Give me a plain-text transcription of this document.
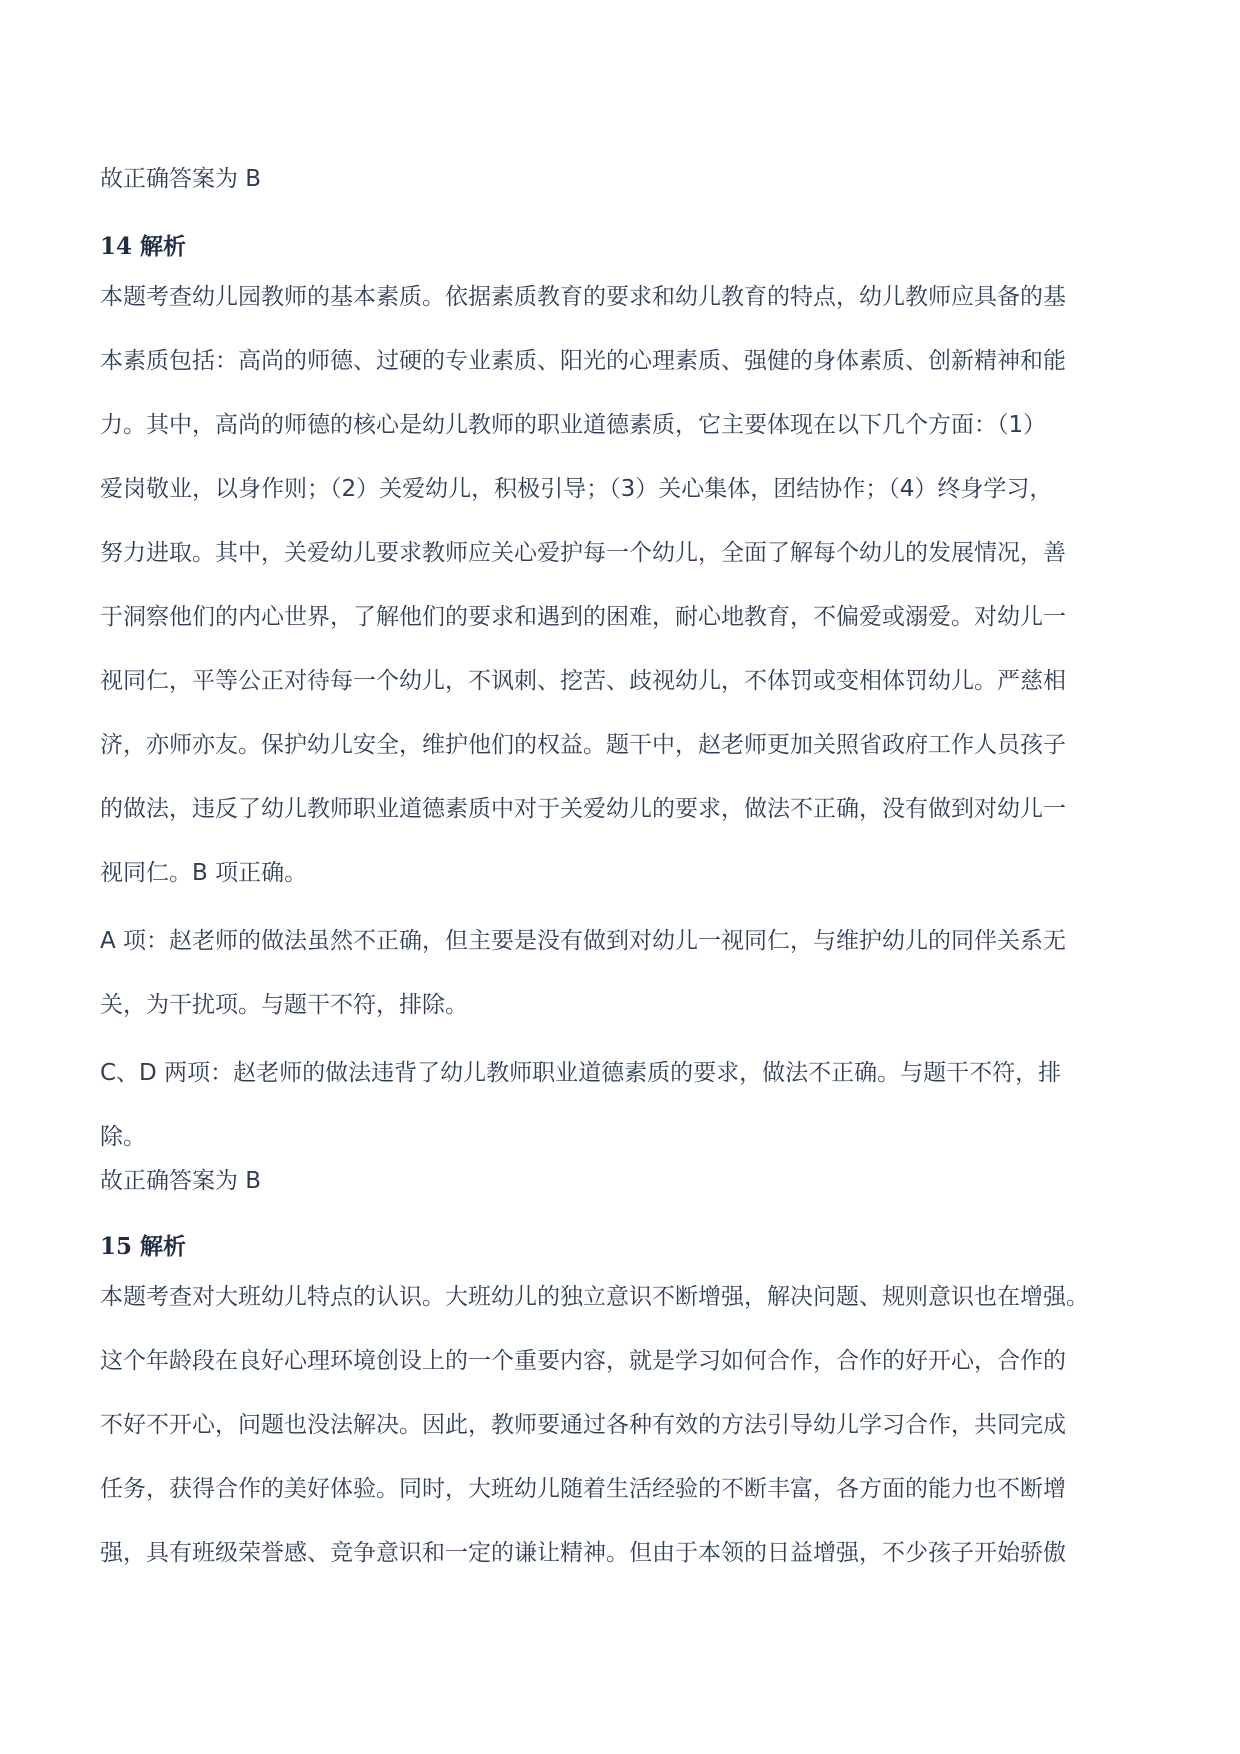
故正确答案为 B
14 解析
本题考查幼儿园教师的基本素质。依据素质教育的要求和幼儿教育的特点，幼儿教师应具备的基
本素质包括：高尚的师德、过硬的专业素质、阳光的心理素质、强健的身体素质、创新精神和能
力。其中，高尚的师德的核心是幼儿教师的职业道德素质，它主要体现在以下几个方面：（1）
爱岗敬业，以身作则；（2）关爱幼儿，积极引导；（3）关心集体，团结协作；（4）终身学习，
努力进取。其中，关爱幼儿要求教师应关心爱护每一个幼儿，全面了解每个幼儿的发展情况，善
于洞察他们的内心世界，了解他们的要求和遇到的困难，耐心地教育，不偏爱或溺爱。对幼儿一
视同仁，平等公正对待每一个幼儿，不讽刺、挖苦、歧视幼儿，不体罚或变相体罚幼儿。严慈相
济，亦师亦友。保护幼儿安全，维护他们的权益。题干中，赵老师更加关照省政府工作人员孩子
的做法，违反了幼儿教师职业道德素质中对于关爱幼儿的要求，做法不正确，没有做到对幼儿一
视同仁。B 项正确。
A 项：赵老师的做法虽然不正确，但主要是没有做到对幼儿一视同仁，与维护幼儿的同伴关系无
关，为干扰项。与题干不符，排除。
C、D 两项：赵老师的做法违背了幼儿教师职业道德素质的要求，做法不正确。与题干不符，排
除。
故正确答案为 B
15 解析
本题考查对大班幼儿特点的认识。大班幼儿的独立意识不断增强，解决问题、规则意识也在增强。
这个年龄段在良好心理环境创设上的一个重要内容，就是学习如何合作，合作的好开心，合作的
不好不开心，问题也没法解决。因此，教师要通过各种有效的方法引导幼儿学习合作，共同完成
任务，获得合作的美好体验。同时，大班幼儿随着生活经验的不断丰富，各方面的能力也不断增
强，具有班级荣誉感、竞争意识和一定的谦让精神。但由于本领的日益增强，不少孩子开始骄傲
